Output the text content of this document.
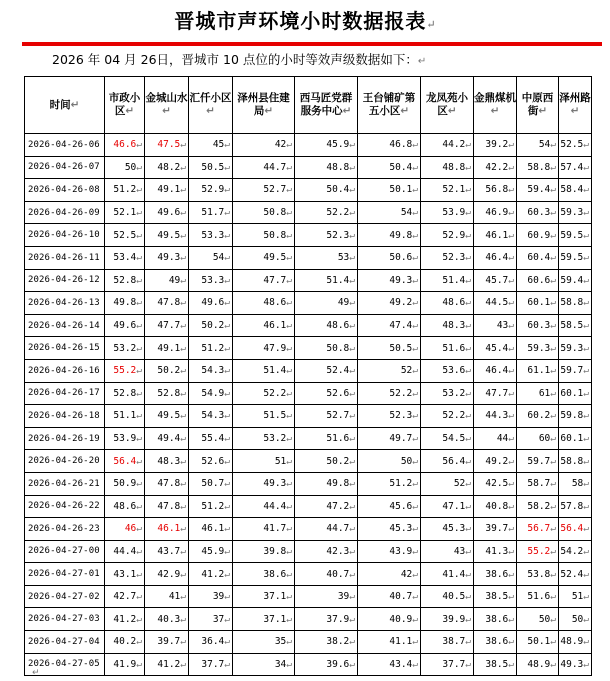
晋城市声环境小时数据报表↵
2026 年 04 月 26日，晋城市 10 点位的小时等效声级数据如下：↵
时间↵	市政小区↵	金城山水↵	汇仟小区↵	泽州县住建局↵	西马匠党群服务中心↵	王台铺矿第五小区↵	龙凤苑小区↵	金鼎煤机↵	中原西街↵	泽州路↵
2026-04-26-06	46.6↵	47.5↵	45↵	42↵	45.9↵	46.8↵	44.2↵	39.2↵	54↵	52.5↵
2026-04-26-07	50↵	48.2↵	50.5↵	44.7↵	48.8↵	50.4↵	48.8↵	42.2↵	58.8↵	57.4↵
2026-04-26-08	51.2↵	49.1↵	52.9↵	52.7↵	50.4↵	50.1↵	52.1↵	56.8↵	59.4↵	58.4↵
2026-04-26-09	52.1↵	49.6↵	51.7↵	50.8↵	52.2↵	54↵	53.9↵	46.9↵	60.3↵	59.3↵
2026-04-26-10	52.5↵	49.5↵	53.3↵	50.8↵	52.3↵	49.8↵	52.9↵	46.1↵	60.9↵	59.5↵
2026-04-26-11	53.4↵	49.3↵	54↵	49.5↵	53↵	50.6↵	52.3↵	46.4↵	60.4↵	59.5↵
2026-04-26-12	52.8↵	49↵	53.3↵	47.7↵	51.4↵	49.3↵	51.4↵	45.7↵	60.6↵	59.4↵
2026-04-26-13	49.8↵	47.8↵	49.6↵	48.6↵	49↵	49.2↵	48.6↵	44.5↵	60.1↵	58.8↵
2026-04-26-14	49.6↵	47.7↵	50.2↵	46.1↵	48.6↵	47.4↵	48.3↵	43↵	60.3↵	58.5↵
2026-04-26-15	53.2↵	49.1↵	51.2↵	47.9↵	50.8↵	50.5↵	51.6↵	45.4↵	59.3↵	59.3↵
2026-04-26-16	55.2↵	50.2↵	54.3↵	51.4↵	52.4↵	52↵	53.6↵	46.4↵	61.1↵	59.7↵
2026-04-26-17	52.8↵	52.8↵	54.9↵	52.2↵	52.6↵	52.2↵	53.2↵	47.7↵	61↵	60.1↵
2026-04-26-18	51.1↵	49.5↵	54.3↵	51.5↵	52.7↵	52.3↵	52.2↵	44.3↵	60.2↵	59.8↵
2026-04-26-19	53.9↵	49.4↵	55.4↵	53.2↵	51.6↵	49.7↵	54.5↵	44↵	60↵	60.1↵
2026-04-26-20	56.4↵	48.3↵	52.6↵	51↵	50.2↵	50↵	56.4↵	49.2↵	59.7↵	58.8↵
2026-04-26-21	50.9↵	47.8↵	50.7↵	49.3↵	49.8↵	51.2↵	52↵	42.5↵	58.7↵	58↵
2026-04-26-22	48.6↵	47.8↵	51.2↵	44.4↵	47.2↵	45.6↵	47.1↵	40.8↵	58.2↵	57.8↵
2026-04-26-23	46↵	46.1↵	46.1↵	41.7↵	44.7↵	45.3↵	45.3↵	39.7↵	56.7↵	56.4↵
2026-04-27-00	44.4↵	43.7↵	45.9↵	39.8↵	42.3↵	43.9↵	43↵	41.3↵	55.2↵	54.2↵
2026-04-27-01	43.1↵	42.9↵	41.2↵	38.6↵	40.7↵	42↵	41.4↵	38.6↵	53.8↵	52.4↵
2026-04-27-02	42.7↵	41↵	39↵	37.1↵	39↵	40.7↵	40.5↵	38.5↵	51.6↵	51↵
2026-04-27-03	41.2↵	40.3↵	37↵	37.1↵	37.9↵	40.9↵	39.9↵	38.6↵	50↵	50↵
2026-04-27-04	40.2↵	39.7↵	36.4↵	35↵	38.2↵	41.1↵	38.7↵	38.6↵	50.1↵	48.9↵
2026-04-27-05	41.9↵	41.2↵	37.7↵	34↵	39.6↵	43.4↵	37.7↵	38.5↵	48.9↵	49.3↵
↵
